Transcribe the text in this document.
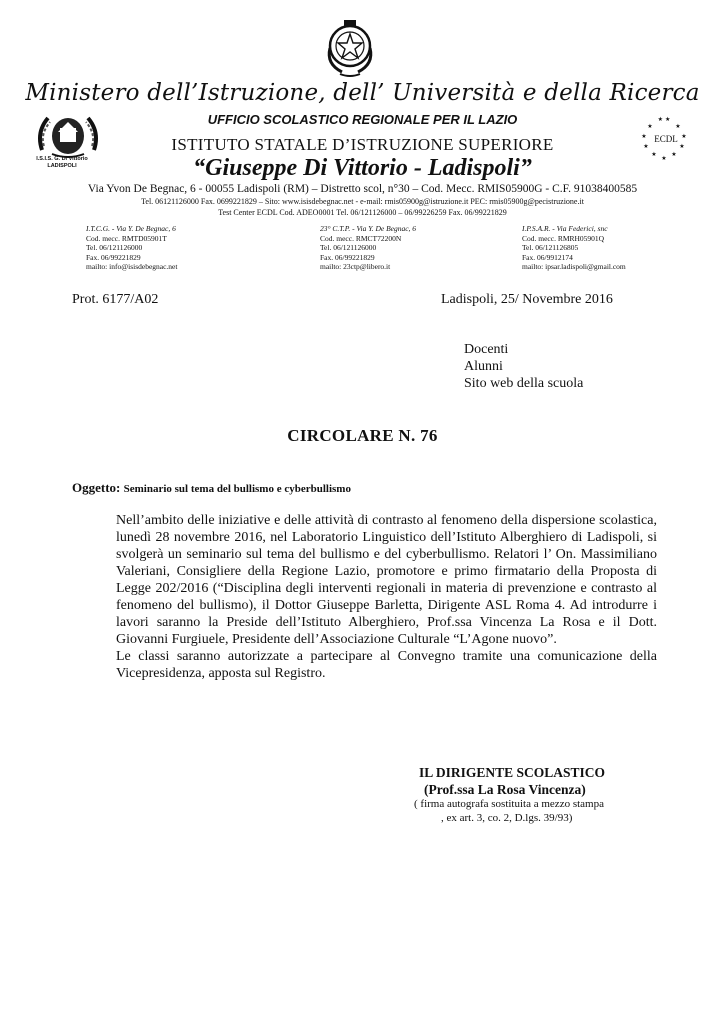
Ministero dell’Istruzione, dell’ Università e della Ricerca
I.S.I.S. G. Di Vittorio
LADISPOLI
★ ★
★	★
★	★
★	★
★ ★
★
ECDL
UFFICIO SCOLASTICO REGIONALE PER IL LAZIO
ISTITUTO STATALE D’ISTRUZIONE SUPERIORE
“Giuseppe Di Vittorio - Ladispoli”
Via Yvon De Begnac, 6 - 00055 Ladispoli (RM) – Distretto scol, n°30 – Cod. Mecc. RMIS05900G - C.F. 91038400585
Tel. 06121126000 Fax. 0699221829 – Sito: www.isisdebegnac.net - e-mail: rmis05900g@istruzione.it PEC: rmis05900g@pecistruzione.it
Test Center ECDL Cod. ADEO0001 Tel. 06/121126000 – 06/99226259 Fax. 06/99221829
I.T.C.G. - Via Y. De Begnac, 6
Cod. mecc. RMTD05901T
Tel. 06/121126000
Fax. 06/99221829
mailto: info@isisdebegnac.net
23° C.T.P. - Via Y. De Begnac, 6
Cod. mecc. RMCT72200N
Tel. 06/121126000
Fax. 06/99221829
mailto: 23ctp@libero.it
I.P.S.A.R. - Via Federici, snc
Cod. mecc. RMRH05901Q
Tel. 06/121126805
Fax. 06/9912174
mailto: ipsar.ladispoli@gmail.com
Prot. 6177/A02	Ladispoli, 25/ Novembre 2016
Docenti
Alunni
Sito web della scuola
CIRCOLARE N. 76
Oggetto: Seminario sul tema del bullismo e cyberbullismo

Nell’ambito delle iniziative e delle attività di contrasto al fenomeno della dispersione scolastica, lunedì 28 novembre 2016, nel Laboratorio Linguistico dell’Istituto Alberghiero di Ladispoli, si svolgerà un seminario sul tema del bullismo e del cyberbullismo. Relatori l’ On. Massimiliano Valeriani, Consigliere della Regione Lazio, promotore e primo firmatario della Proposta di Legge 202/2016 (“Disciplina degli interventi regionali in materia di prevenzione e contrasto al fenomeno del bullismo), il Dottor Giuseppe Barletta, Dirigente ASL Roma 4. Ad introdurre i lavori saranno la Preside dell’Istituto Alberghiero, Prof.ssa Vincenza La Rosa e il Dott. Giovanni Furgiuele, Presidente dell’Associazione Culturale “L’Agone nuovo”.

Le classi saranno autorizzate a partecipare al Convegno tramite una comunicazione della Vicepresidenza, apposta sul Registro.

IL DIRIGENTE SCOLASTICO
(Prof.ssa La Rosa Vincenza)
( firma autografa sostituita a mezzo stampa
, ex art. 3, co. 2, D.lgs. 39/93)
